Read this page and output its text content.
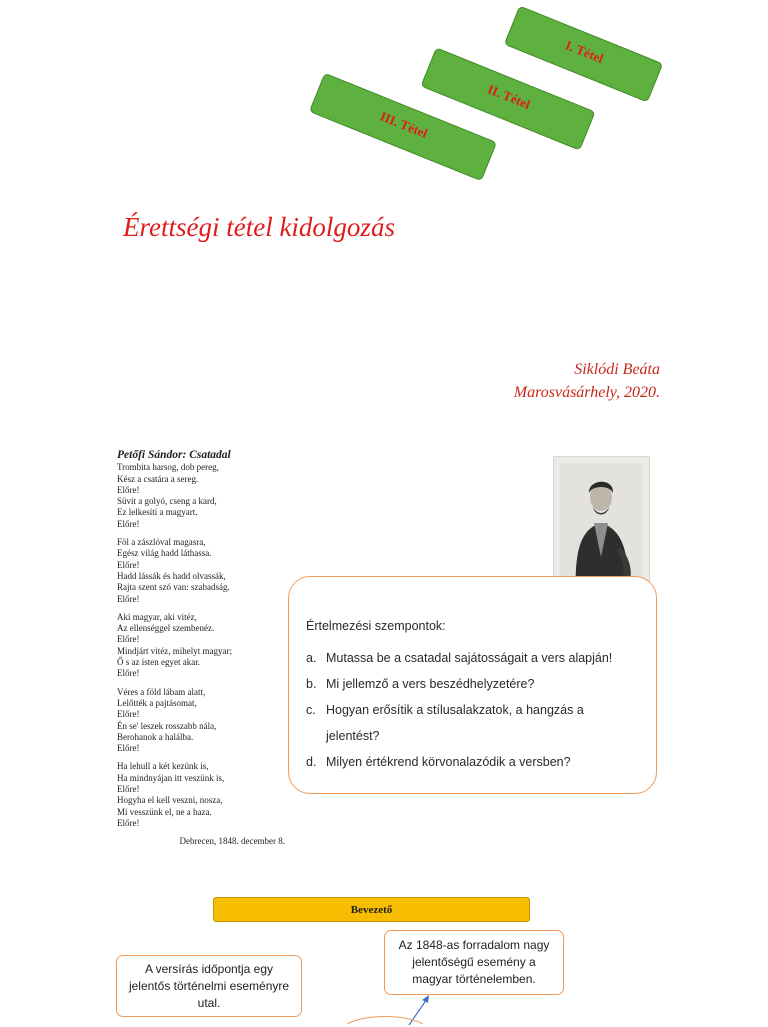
I. Tétel
II. Tétel
III. Tétel
Érettségi tétel kidolgozás
Siklódi Beáta
Marosvásárhely, 2020.
Petőfi Sándor: Csatadal
Trombita harsog, dob pereg,
Kész a csatára a sereg.
Előre!
Süvít a golyó, cseng a kard,
Ez lelkesíti a magyart.
Előre!
Föl a zászlóval magasra,
Egész világ hadd láthassa.
Előre!
Hadd lássák és hadd olvassák,
Rajta szent szó van: szabadság.
Előre!
Aki magyar, aki vitéz,
Az ellenséggel szembenéz.
Előre!
Mindjárt vitéz, mihelyt magyar;
Ő s az isten egyet akar.
Előre!
Véres a föld lábam alatt,
Lelőtték a pajtásomat,
Előre!
Én se' leszek rosszabb nála,
Berohanok a halálba.
Előre!
Ha lehull a két kezünk is,
Ha mindnyájan itt veszünk is,
Előre!
Hogyha el kell veszni, nosza,
Mi vesszünk el, ne a haza.
Előre!
Debrecen, 1848. december 8.
Értelmezési szempontok:
a. Mutassa be a csatadal sajátosságait a vers alapján!
b. Mi jellemző a vers beszédhelyzetére?
c. Hogyan erősítik a stílusalakzatok, a hangzás a jelentést?
d. Milyen értékrend körvonalazódik a versben?
Bevezető
Az 1848-as forradalom nagy jelentőségű esemény a magyar történelemben.
A versírás időpontja egy jelentős történelmi eseményre utal.
